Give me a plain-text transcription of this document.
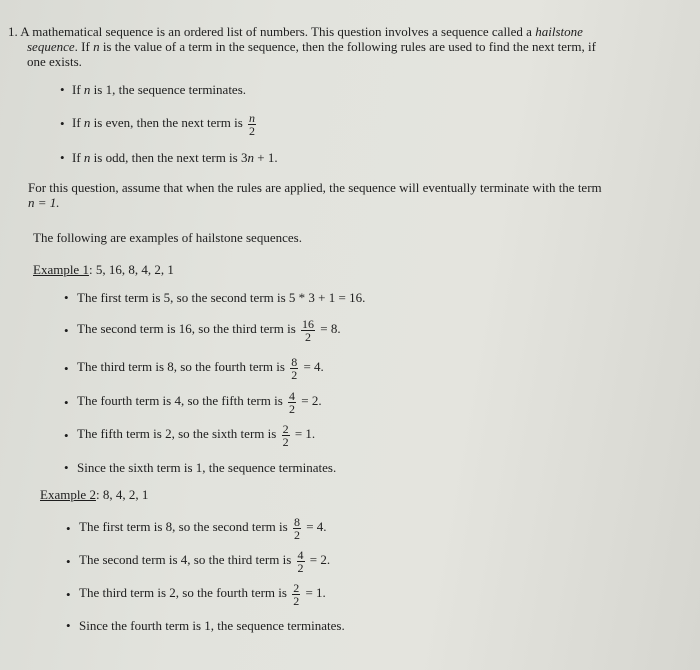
1. A mathematical sequence is an ordered list of numbers. This question involves a sequence called a hailstone
sequence. If n is the value of a term in the sequence, then the following rules are used to find the next term, if
one exists.
• If n is 1, the sequence terminates.
• If n is even, then the next term is $\frac{n}{2}$
• If n is odd, then the next term is 3n + 1.
For this question, assume that when the rules are applied, the sequence will eventually terminate with the term
n = 1.
The following are examples of hailstone sequences.
Example 1: 5, 16, 8, 4, 2, 1
• The first term is 5, so the second term is 5 * 3 + 1 = 16.
• The second term is 16, so the third term is $\frac{16}{2} = 8$.
• The third term is 8, so the fourth term is $\frac{8}{2} = 4$.
• The fourth term is 4, so the fifth term is $\frac{4}{2} = 2$.
• The fifth term is 2, so the sixth term is $\frac{2}{2} = 1$.
• Since the sixth term is 1, the sequence terminates.
Example 2: 8, 4, 2, 1
• The first term is 8, so the second term is $\frac{8}{2} = 4$.
• The second term is 4, so the third term is $\frac{4}{2} = 2$.
• The third term is 2, so the fourth term is $\frac{2}{2} = 1$.
• Since the fourth term is 1, the sequence terminates.
